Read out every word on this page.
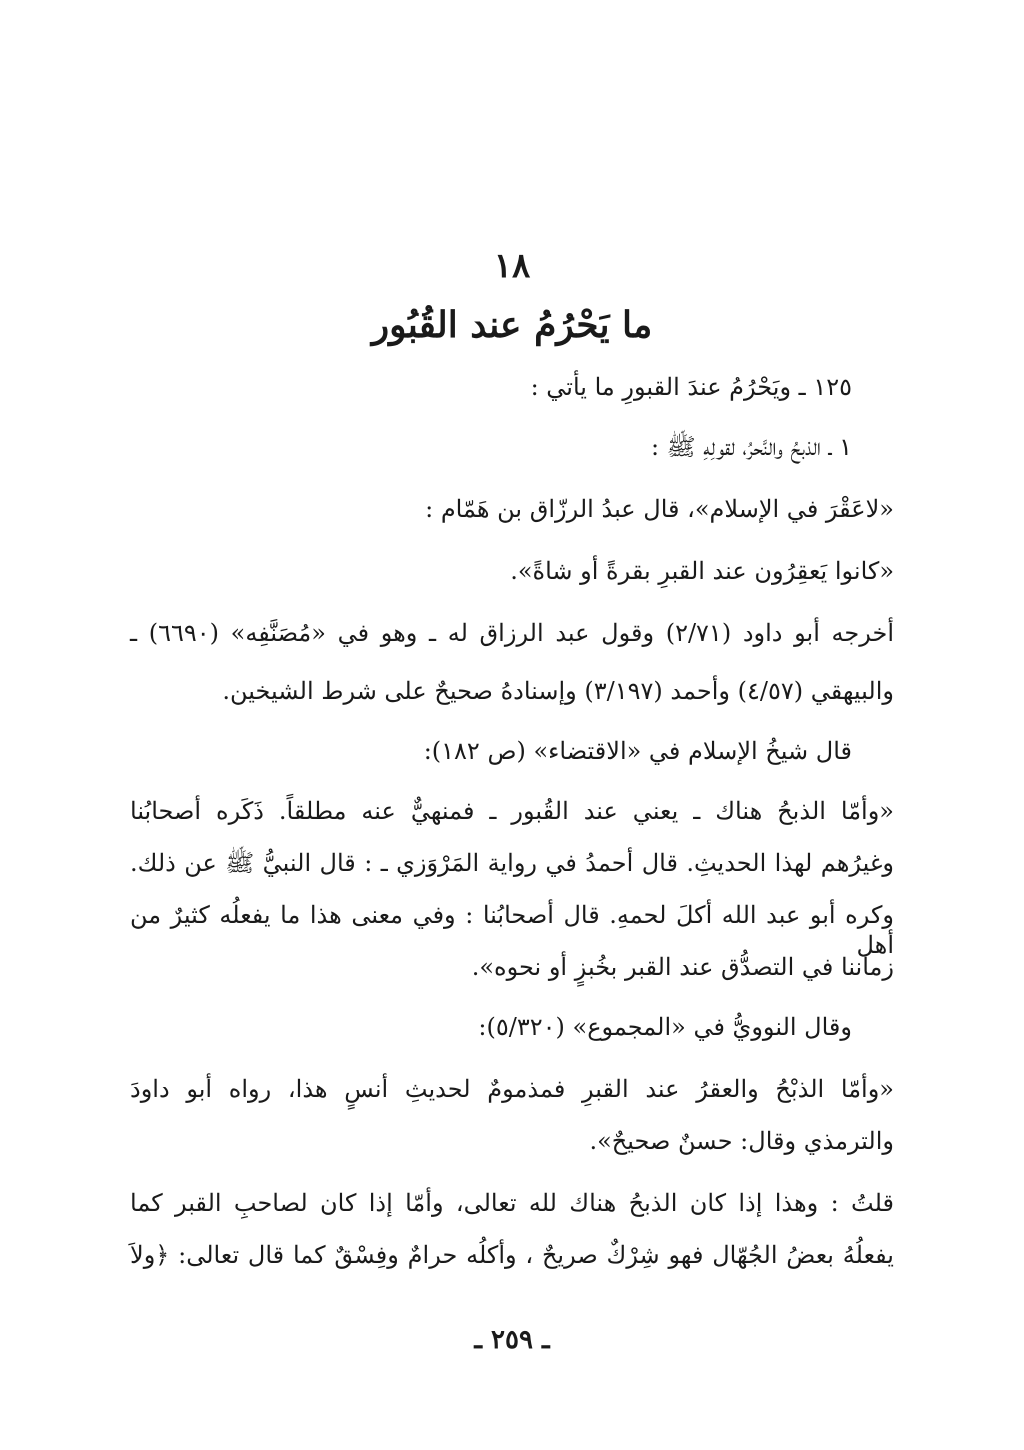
١٨
ما يَحْرُمُ عند القُبُور
١٢٥ ـ ويَحْرُمُ عندَ القبورِ ما يأتي :
١ ـ الذبحُ والنَّحرُ، لقولِهِ ﷺ :
«لاعَقْرَ في الإسلام»، قال عبدُ الرزّاق بن هَمّام :
«كانوا يَعقِرُون عند القبرِ بقرةً أو شاةً».
أخرجه أبو داود (٢/٧١) وقول عبد الرزاق له ـ وهو في «مُصَنَّفِه» (٦٦٩٠) ـ
والبيهقي (٤/٥٧) وأحمد (٣/١٩٧) وإسنادهُ صحيحٌ على شرط الشيخين.
قال شيخُ الإسلام في «الاقتضاء» (ص ١٨٢):
«وأمّا الذبحُ هناك ـ يعني عند القُبور ـ فمنهيٌّ عنه مطلقاً. ذَكَره أصحابُنا
وغيرُهم لهذا الحديثِ. قال أحمدُ في رواية المَرْوَزي ـ : قال النبيُّ ﷺ عن ذلك.
وكره أبو عبد الله أكلَ لحمهِ. قال أصحابُنا : وفي معنى هذا ما يفعلُه كثيرٌ من أهل
زماننا في التصدُّق عند القبر بخُبزٍ أو نحوه».
وقال النوويُّ في «المجموع» (٥/٣٢٠):
«وأمّا الذبْحُ والعقرُ عند القبرِ فمذمومٌ لحديثِ أنسٍ هذا، رواه أبو داودَ
والترمذي وقال: حسنٌ صحيحٌ».
قلتُ : وهذا إذا كان الذبحُ هناك لله تعالى، وأمّا إذا كان لصاحبِ القبر كما
يفعلُهُ بعضُ الجُهّال فهو شِرْكٌ صريحٌ ، وأكلُه حرامٌ وفِسْقٌ كما قال تعالى: ﴿ولاَ
ـ ٢٥٩ ـ
